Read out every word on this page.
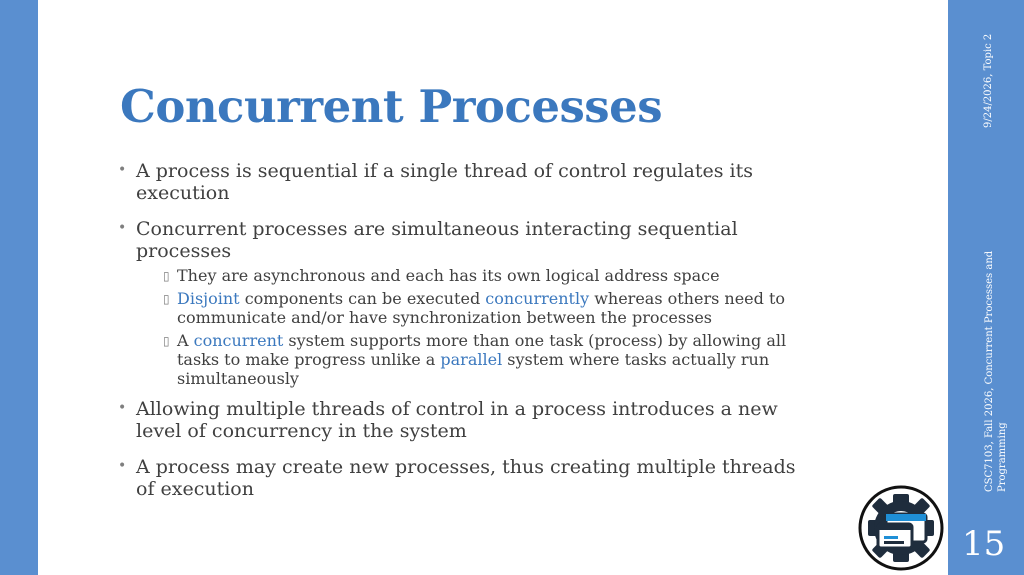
Concurrent Processes
• A process is sequential if a single thread of control regulates its execution
• Concurrent processes are simultaneous interacting sequential processes
▯ They are asynchronous and each has its own logical address space
▯ Disjoint components can be executed concurrently whereas others need to communicate and/or have synchronization between the processes
▯ A concurrent system supports more than one task (process) by allowing all tasks to make progress unlike a parallel system where tasks actually run simultaneously
• Allowing multiple threads of control in a process introduces a new level of concurrency in the system
• A process may create new processes, thus creating multiple threads of execution
9/24/2026, Topic 2
CSC7103, Fall 2026, Concurrent Processes and Programming
15
